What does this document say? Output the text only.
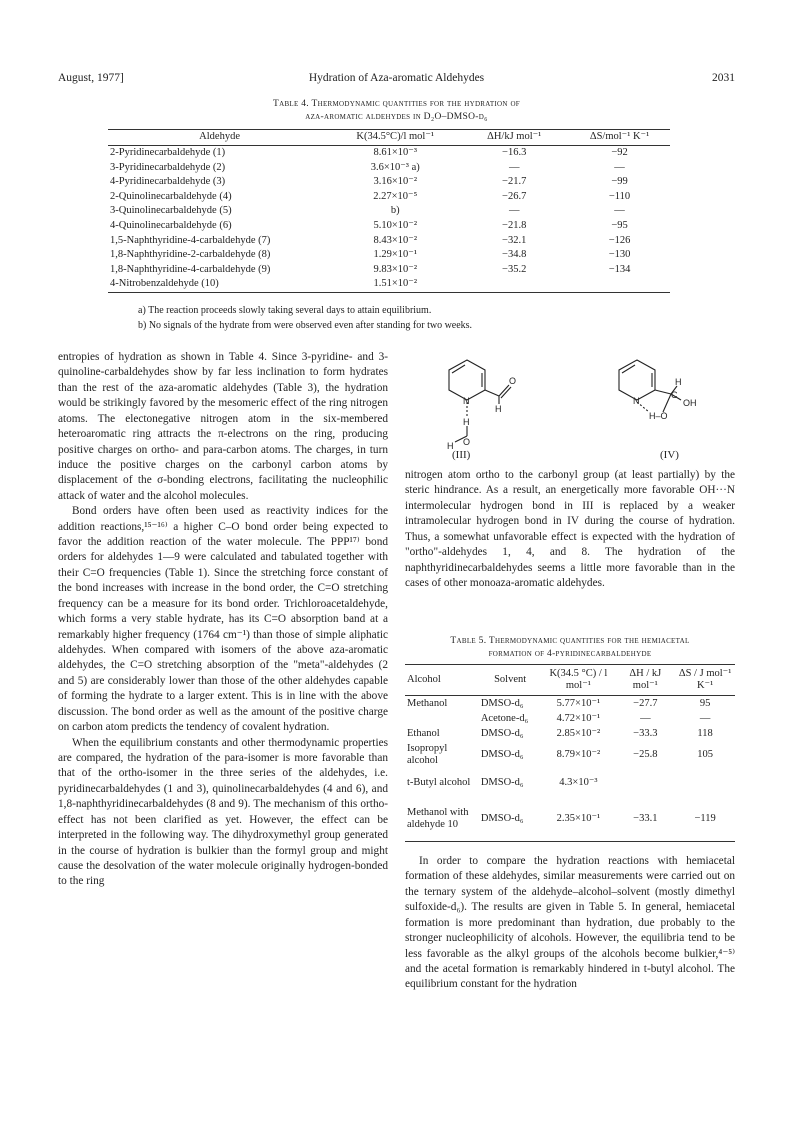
August, 1977]	Hydration of Aza-aromatic Aldehydes	2031
Table 4. Thermodynamic quantities for the hydration of
aza-aromatic aldehydes in D₂O–DMSO-d₆
Aldehyde	K(34.5°C)/l mol⁻¹	ΔH/kJ mol⁻¹	ΔS/mol⁻¹ K⁻¹
2-Pyridinecarbaldehyde (1)	8.61×10⁻³	−16.3	−92
3-Pyridinecarbaldehyde (2)	3.6×10⁻³ a)	—	—
4-Pyridinecarbaldehyde (3)	3.16×10⁻²	−21.7	−99
2-Quinolinecarbaldehyde (4)	2.27×10⁻⁵	−26.7	−110
3-Quinolinecarbaldehyde (5)	b)	—	—
4-Quinolinecarbaldehyde (6)	5.10×10⁻²	−21.8	−95
1,5-Naphthyridine-4-carbaldehyde (7)	8.43×10⁻²	−32.1	−126
1,8-Naphthyridine-2-carbaldehyde (8)	1.29×10⁻¹	−34.8	−130
1,8-Naphthyridine-4-carbaldehyde (9)	9.83×10⁻²	−35.2	−134
4-Nitrobenzaldehyde (10)	1.51×10⁻²		
a) The reaction proceeds slowly taking several days to attain equilibrium.
b) No signals of the hydrate from were observed even after standing for two weeks.

entropies of hydration as shown in Table 4. Since 3-pyridine- and 3-quinoline-carbaldehydes show by far less inclination to form hydrates than the rest of the aza-aromatic aldehydes (Table 3), the hydration would be strikingly favored by the mesomeric effect of the ring nitrogen atoms. The electonegative nitrogen atom in the six-membered heteroaromatic ring attracts the π-electrons on the ring, producing positive charges on ortho- and para-carbon atoms. The charges, in turn induce the positive charges on the carbonyl carbon atoms by displacement of the σ-bonding electrons, facilitating the nucleophilic attack of water and the alcohol molecules.

Bond orders have often been used as reactivity indices for the addition reactions,¹⁵⁻¹⁶⁾ a higher C–O bond order being expected to favor the addition reaction of the water molecule. The PPP¹⁷⁾ bond orders for aldehydes 1—9 were calculated and tabulated together with their C=O frequencies (Table 1). Since the stretching force constant of the bond increases with increase in the bond order, the C=O stretching frequency can be a measure for its bond order. Trichloroacetaldehyde, which forms a very stable hydrate, has its C=O absorption band at a remarkably higher frequency (1764 cm⁻¹) than those of simple aliphatic aldehydes. When compared with isomers of the above aza-aromatic aldehydes, the C=O stretching absorption of the "meta"-aldehydes (2 and 5) are considerably lower than those of the other aldehydes capable of forming the hydrate to a larger extent. This is in line with the above discussion. The bond order as well as the amount of the positive charge on carbon atom predicts the tendency of covalent hydration.

When the equilibrium constants and other thermodynamic properties are compared, the hydration of the para-isomer is more favorable than that of the ortho-isomer in the three series of the aldehydes, i.e. pyridinecarbaldehydes (1 and 3), quinolinecarbaldehydes (4 and 6), and 1,8-naphthyridinecarbaldehydes (8 and 9). The mechanism of this ortho-effect has not been clarified as yet. However, the effect can be interpreted in the following way. The dihydroxymethyl group generated in the course of hydration is bulkier than the formyl group and might cause the desolvation of the water molecule originally hydrogen-bonded to the ring

N
H
O
H
O
H
N
H
C
OH
H–O
(III)	(IV)

nitrogen atom ortho to the carbonyl group (at least partially) by the steric hindrance. As a result, an energetically more favorable OH···N intermolecular hydrogen bond in III is replaced by a weaker intramolecular hydrogen bond in IV during the course of hydration. Thus, a somewhat unfavorable effect is expected with the hydration of "ortho"-aldehydes 1, 4, and 8. The hydration of the naphthyridinecarbaldehydes seems a little more favorable than in the cases of other monoaza-aromatic aldehydes.

Table 5. Thermodynamic quantities for the hemiacetal
formation of 4-pyridinecarbaldehyde
Alcohol	Solvent	K(34.5 °C) / l mol⁻¹	ΔH / kJ mol⁻¹	ΔS / J mol⁻¹ K⁻¹
Methanol	DMSO-d₆	5.77×10⁻¹	−27.7	95
	Acetone-d₆	4.72×10⁻¹	—	—
Ethanol	DMSO-d₆	2.85×10⁻²	−33.3	118
Isopropyl alcohol	DMSO-d₆	8.79×10⁻²	−25.8	105
t-Butyl alcohol	DMSO-d₆	4.3×10⁻³		
Methanol with aldehyde 10	DMSO-d₆	2.35×10⁻¹	−33.1	−119

In order to compare the hydration reactions with hemiacetal formation of these aldehydes, similar measurements were carried out on the ternary system of the aldehyde–alcohol–solvent (mostly dimethyl sulfoxide-d₆). The results are given in Table 5. In general, hemiacetal formation is more predominant than hydration, due probably to the stronger nucleophilicity of alcohols. However, the equilibria tend to be less favorable as the alkyl groups of the alcohols become bulkier,⁴⁻⁵⁾ and the acetal formation is remarkably hindered in t-butyl alcohol. The equilibrium constant for the hydration
